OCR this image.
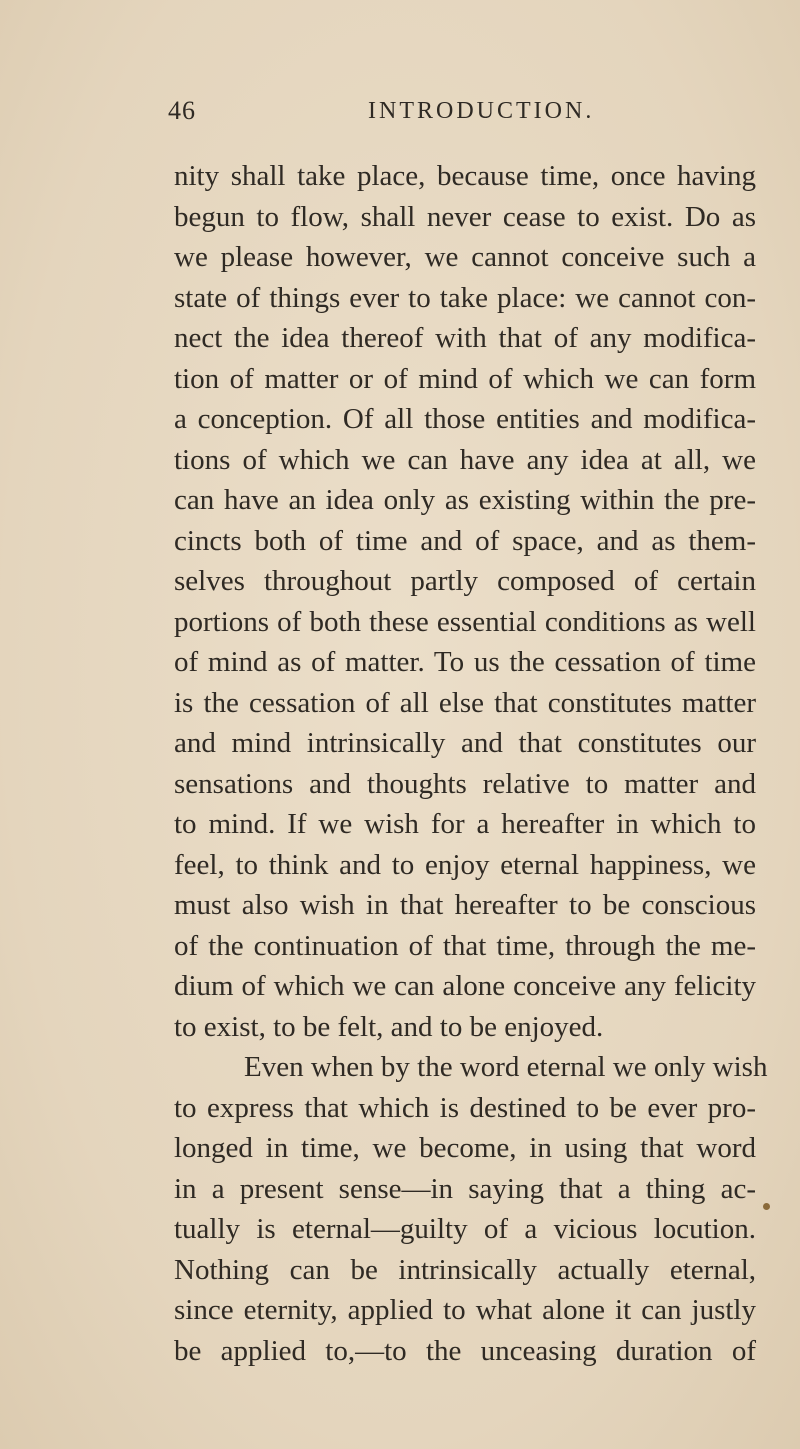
46	INTRODUCTION.
nity shall take place, because time, once having
begun to flow, shall never cease to exist. Do as
we please however, we cannot conceive such a
state of things ever to take place: we cannot con-
nect the idea thereof with that of any modifica-
tion of matter or of mind of which we can form
a conception. Of all those entities and modifica-
tions of which we can have any idea at all, we
can have an idea only as existing within the pre-
cincts both of time and of space, and as them-
selves throughout partly composed of certain
portions of both these essential conditions as well
of mind as of matter. To us the cessation of time
is the cessation of all else that constitutes matter
and mind intrinsically and that constitutes our
sensations and thoughts relative to matter and
to mind. If we wish for a hereafter in which to
feel, to think and to enjoy eternal happiness, we
must also wish in that hereafter to be conscious
of the continuation of that time, through the me-
dium of which we can alone conceive any felicity
to exist, to be felt, and to be enjoyed.
Even when by the word eternal we only wish
to express that which is destined to be ever pro-
longed in time, we become, in using that word
in a present sense—in saying that a thing ac-
tually is eternal—guilty of a vicious locution.
Nothing can be intrinsically actually eternal,
since eternity, applied to what alone it can justly
be applied to,—to the unceasing duration of
